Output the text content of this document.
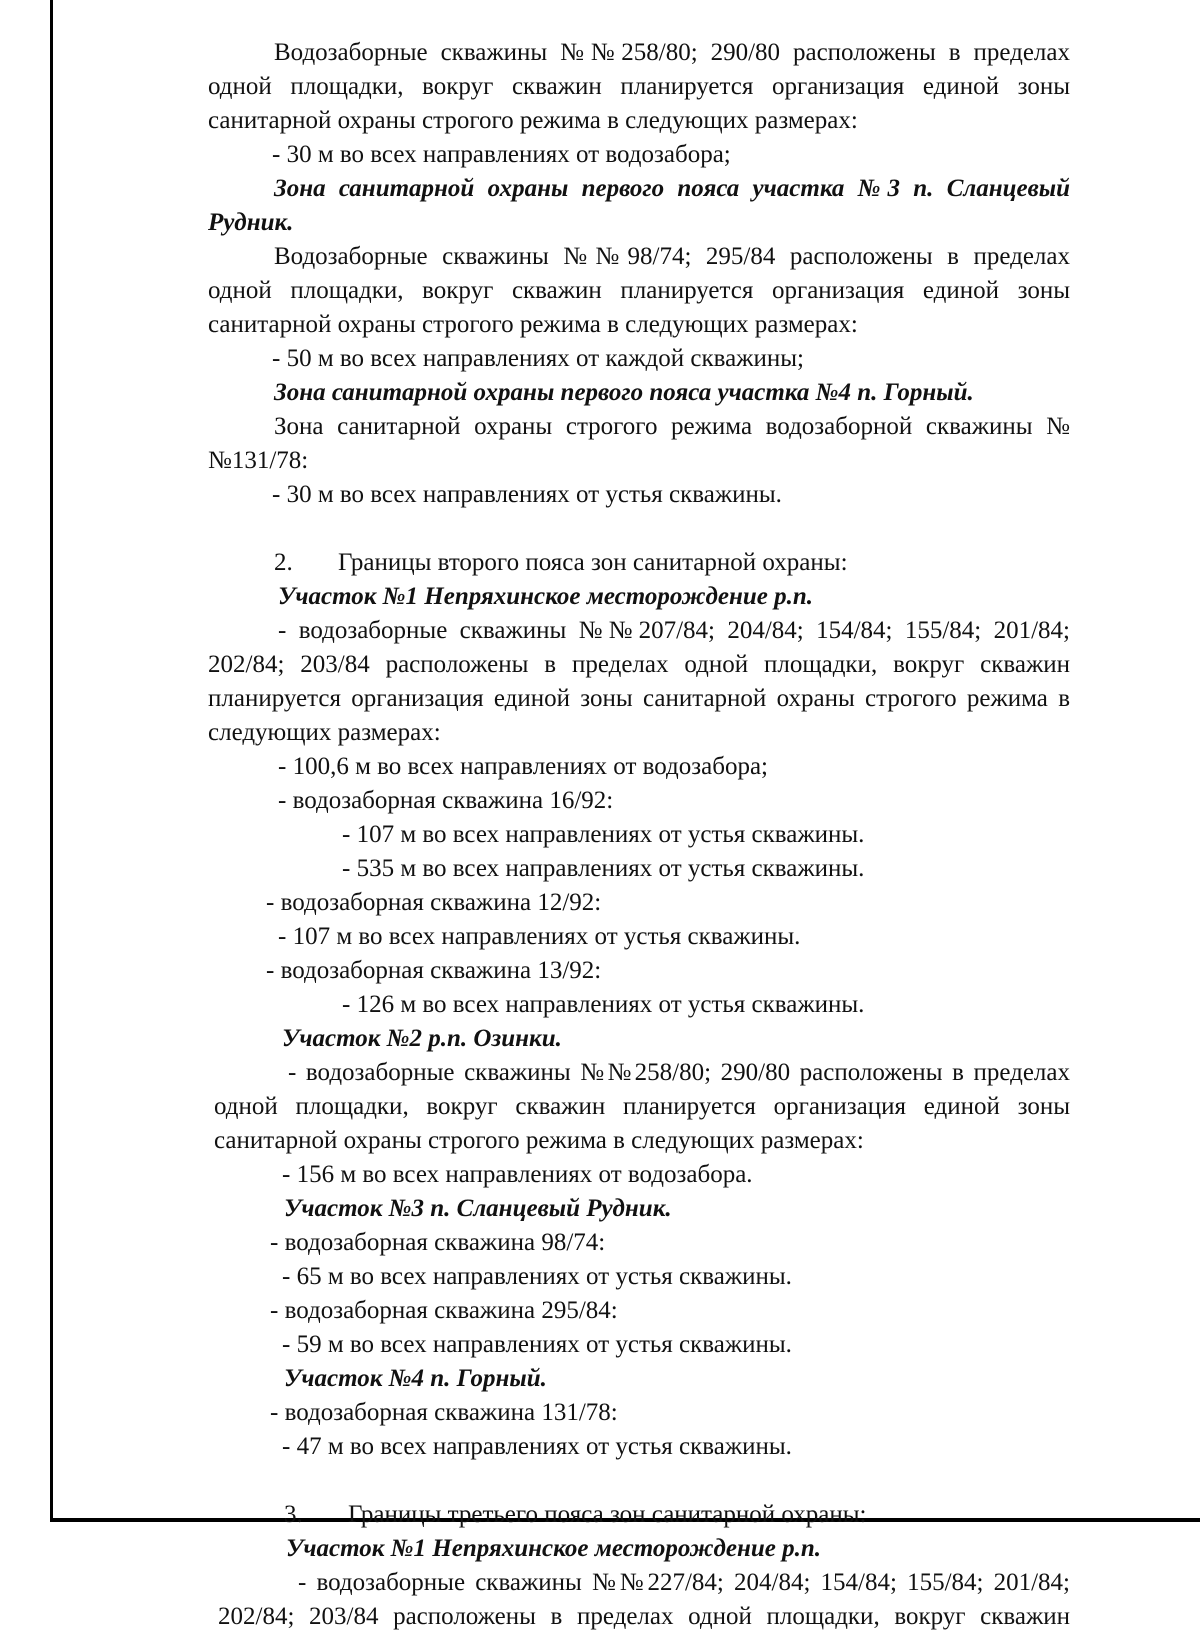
Водозаборные скважины №№258/80; 290/80 расположены в пределах одной площадки, вокруг скважин планируется организация единой зоны санитарной охраны строгого режима в следующих размерах:

- 30 м во всех направлениях от водозабора;

Зона санитарной охраны первого пояса участка №3 п. Сланцевый Рудник.

Водозаборные скважины №№98/74; 295/84 расположены в пределах одной площадки, вокруг скважин планируется организация единой зоны санитарной охраны строгого режима в следующих размерах:

- 50 м во всех направлениях от каждой скважины;

Зона санитарной охраны первого пояса участка №4 п. Горный.

Зона санитарной охраны строгого режима водозаборной скважины №№131/78:

- 30 м во всех направлениях от устья скважины.

2. Границы второго пояса зон санитарной охраны:

Участок №1 Непряхинское месторождение р.п.

- водозаборные скважины №№207/84; 204/84; 154/84; 155/84; 201/84; 202/84; 203/84 расположены в пределах одной площадки, вокруг скважин планируется организация единой зоны санитарной охраны строгого режима в следующих размерах:

- 100,6 м во всех направлениях от водозабора;

- водозаборная скважина 16/92:

- 107 м во всех направлениях от устья скважины.

- 535 м во всех направлениях от устья скважины.

- водозаборная скважина 12/92:

- 107 м во всех направлениях от устья скважины.

- водозаборная скважина 13/92:

- 126 м во всех направлениях от устья скважины.

Участок №2 р.п. Озинки.

- водозаборные скважины №№258/80; 290/80 расположены в пределах одной площадки, вокруг скважин планируется организация единой зоны санитарной охраны строгого режима в следующих размерах:

- 156 м во всех направлениях от водозабора.

Участок №3 п. Сланцевый Рудник.

- водозаборная скважина 98/74:

- 65 м во всех направлениях от устья скважины.

- водозаборная скважина 295/84:

- 59 м во всех направлениях от устья скважины.

Участок №4 п. Горный.

- водозаборная скважина 131/78:

- 47 м во всех направлениях от устья скважины.

3. Границы третьего пояса зон санитарной охраны:

Участок №1 Непряхинское месторождение р.п.

- водозаборные скважины №№227/84; 204/84; 154/84; 155/84; 201/84; 202/84; 203/84 расположены в пределах одной площадки, вокруг скважин
